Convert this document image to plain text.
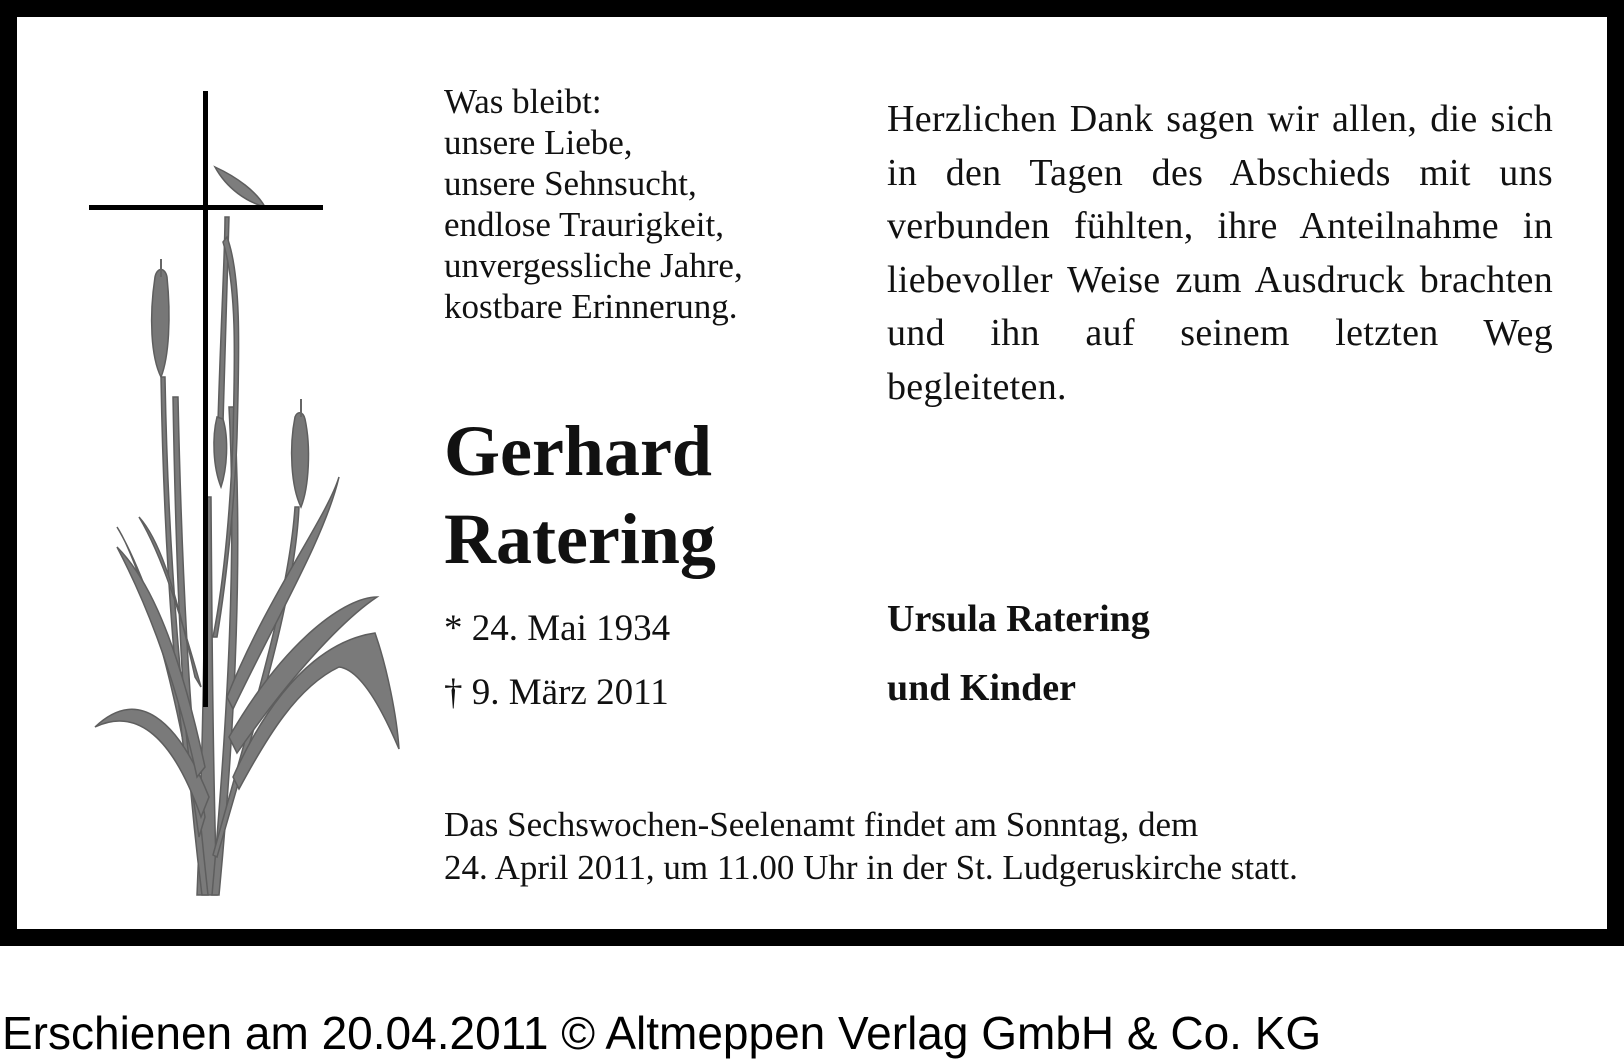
Was bleibt:
unsere Liebe,
unsere Sehnsucht,
endlose Traurigkeit,
unvergessliche Jahre,
kostbare Erinnerung.
Gerhard
Ratering
* 24. Mai 1934
† 9. März 2011

Herzlichen Dank sagen wir allen, die sich in den Tagen des Abschieds mit uns verbunden fühlten, ihre Anteilnahme in liebevoller Weise zum Ausdruck brachten und ihn auf seinem letzten Weg begleiteten.

Ursula Ratering
und Kinder
Das Sechswochen-Seelenamt findet am Sonntag, dem
24. April 2011, um 11.00 Uhr in der St. Ludgeruskirche statt.
Erschienen am 20.04.2011 © Altmeppen Verlag GmbH & Co. KG
